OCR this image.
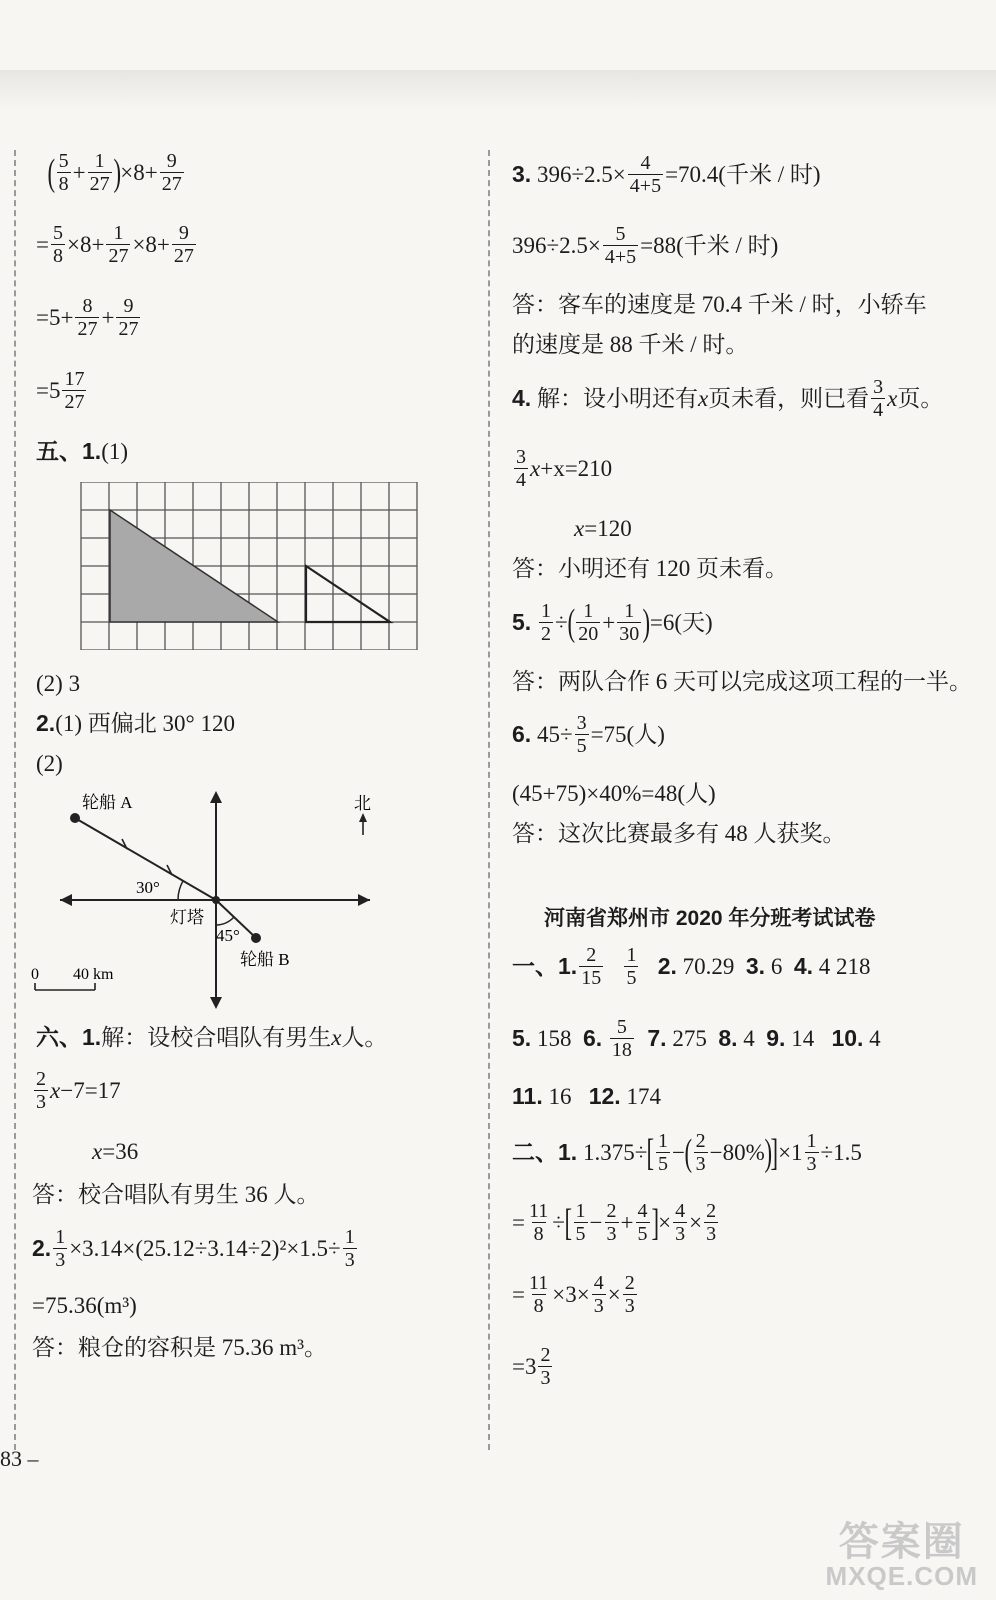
( 5
$8 + \frac{1}{27}$ ) $\times 8+ \frac{9}{27}$
= $\frac{5}{8} \times 8+ \frac{1}{27} \times 8+ \frac{9}{27}$
$=5+ \frac{8}{27} + \frac{9}{27}$
=5 17
27
五、1. (1)
(2) 3
2. (1) 西偏北 30° 120
(2)
轮船 A
轮船 B
北
30°
45°
灯塔
0 40 km
六、1. 解：设校合唱队有男生 x 人。
2
3 x −7=17
x =36
答：校合唱队有男生 36 人。
2. $\frac{1}{3} \times 3.14\times(25.12\div 3.14\div 2)^2\times 1.5\div \frac{1}{3}$
=75.36(m³)
答：粮仓的容积是 75.36 m³。
3.
$396\div 2.5\times \frac{4}{4+5} =70.4$(千米 / 时)
$396\div 2.5\times \frac{5}{4+5} =88$(千米 / 时)
答：客车的速度是 70.4 千米 / 时，小轿车
的速度是 88 千米 / 时。
4.
解：设小明还有 x 页未看，则已看 3
4 x 页。
3
4 x +x=210
x =120
答：小明还有 120 页未看。
5.
$\frac{1}{2}$ ÷ ( 1
$20 + \frac{1}{30}$ ) =6(天)
答：两队合作 6 天可以完成这项工程的一半。
6.
$45\div \frac{3}{5} =75$(人)
(45+75)×40%=48(人)
答：这次比赛最多有 48 人获奖。
河南省郑州市 2020 年分班考试试卷
一、1. 2
15

1
5
2.
70.29
3.
6
4.
4 218
5.
158
6.
5
18
7.
275
8.
4
9.
14
10.
4
11.
16
12.
174
二、1.
1.375÷ [ 1
5 − ( 2
3 −80% ) ] $\times 1 \frac{1}{3} \div 1.5$
= $\frac{11}{8}$ ÷ [ 1
$5 - \frac{2}{3} + \frac{4}{5}$ ] × $\frac{4}{3} \times \frac{2}{3}$
= $\frac{11}{8} \times 3\times \frac{4}{3} \times \frac{2}{3}$
=3 2
3
83 –
答案圈
MXQE.COM
